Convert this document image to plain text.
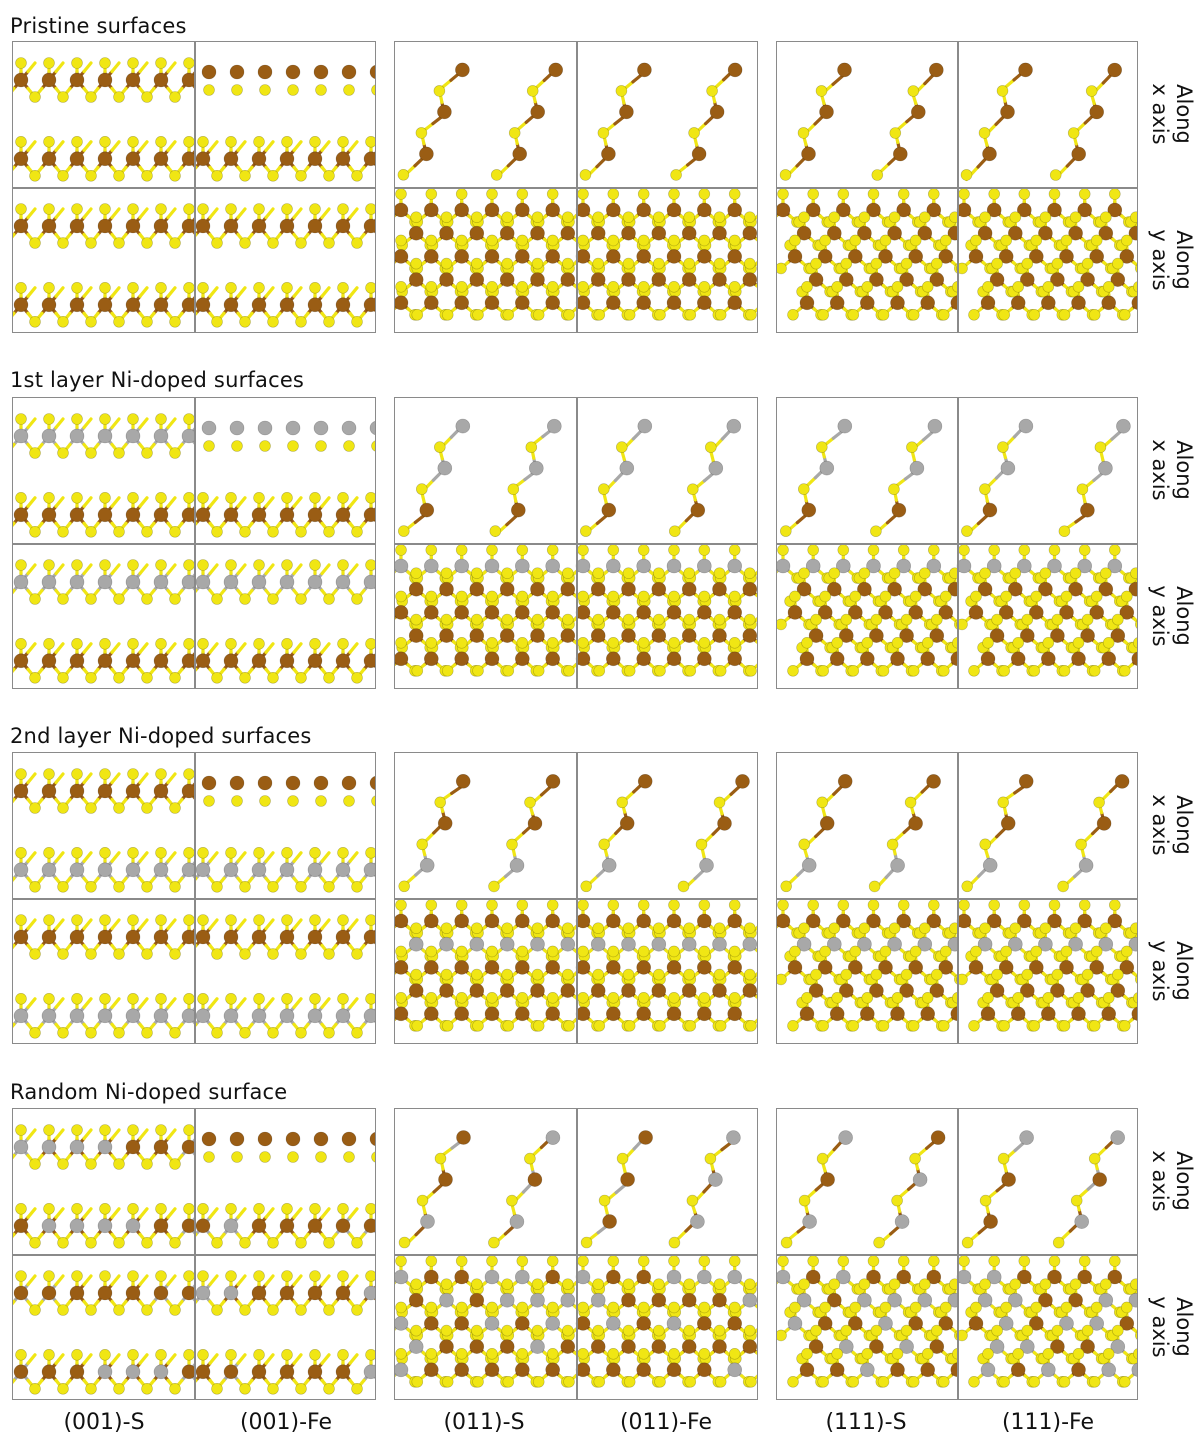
Pristine surfaces
1st layer Ni-doped surfaces
2nd layer Ni-doped surfaces
Random Ni-doped surface
Along
x axis
Along
y axis
Along
x axis
Along
y axis
Along
x axis
Along
y axis
Along
x axis
Along
y axis
(001)-S	(001)-Fe	(011)-S	(011)-Fe	(111)-S	(111)-Fe
